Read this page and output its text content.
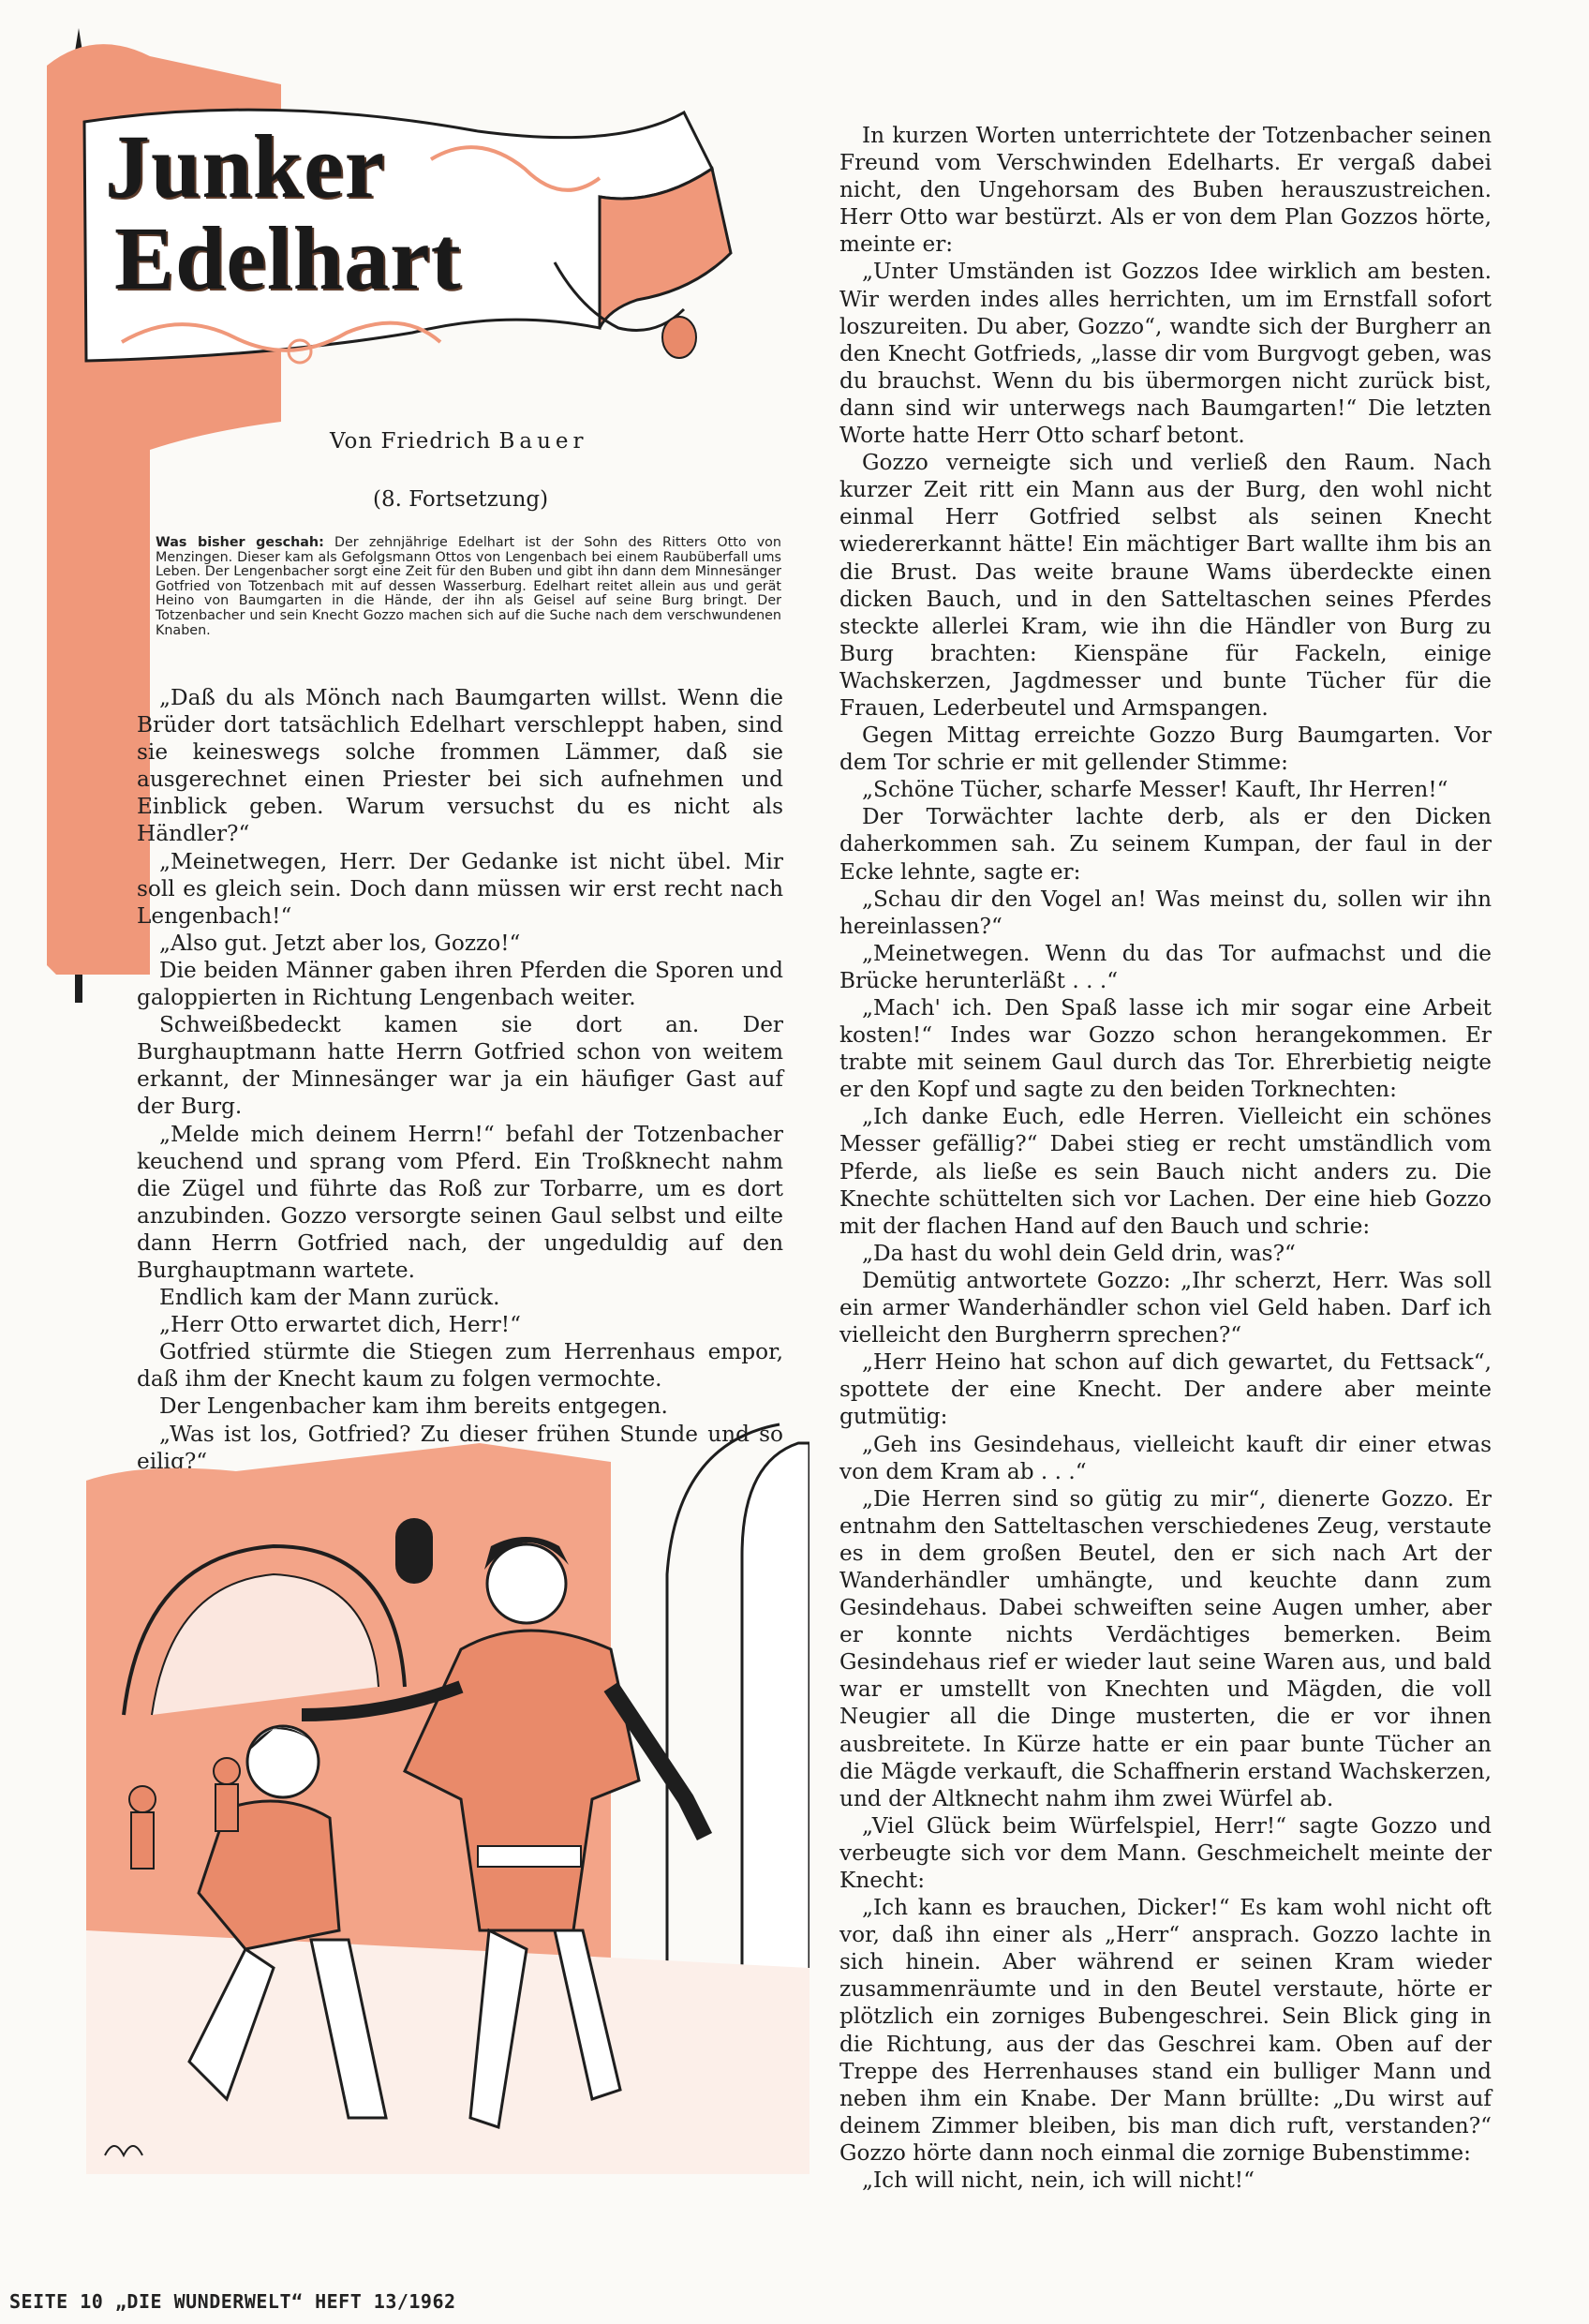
Junker
Edelhart
Von Friedrich Bauer
(8. Fortsetzung)
Was bisher geschah: Der zehnjährige Edelhart ist der Sohn des Ritters Otto von Menzingen. Dieser kam als Gefolgsmann Ottos von Lengenbach bei einem Raubüberfall ums Leben. Der Lengenbacher sorgt eine Zeit für den Buben und gibt ihn dann dem Minnesänger Gotfried von Totzenbach mit auf dessen Wasserburg. Edelhart reitet allein aus und gerät Heino von Baumgarten in die Hände, der ihn als Geisel auf seine Burg bringt. Der Totzenbacher und sein Knecht Gozzo machen sich auf die Suche nach dem verschwundenen Knaben.

„Daß du als Mönch nach Baumgarten willst. Wenn die Brüder dort tatsächlich Edelhart verschleppt haben, sind sie keineswegs solche frommen Lämmer, daß sie ausgerechnet einen Priester bei sich aufnehmen und Einblick geben. Warum versuchst du es nicht als Händler?“

„Meinetwegen, Herr. Der Gedanke ist nicht übel. Mir soll es gleich sein. Doch dann müssen wir erst recht nach Lengenbach!“

„Also gut. Jetzt aber los, Gozzo!“

Die beiden Männer gaben ihren Pferden die Sporen und galoppierten in Richtung Lengenbach weiter.

Schweißbedeckt kamen sie dort an. Der Burghauptmann hatte Herrn Gotfried schon von weitem erkannt, der Minnesänger war ja ein häufiger Gast auf der Burg.

„Melde mich deinem Herrn!“ befahl der Totzenbacher keuchend und sprang vom Pferd. Ein Troßknecht nahm die Zügel und führte das Roß zur Torbarre, um es dort anzubinden. Gozzo versorgte seinen Gaul selbst und eilte dann Herrn Gotfried nach, der ungeduldig auf den Burghauptmann wartete.

Endlich kam der Mann zurück.

„Herr Otto erwartet dich, Herr!“

Gotfried stürmte die Stiegen zum Herrenhaus empor, daß ihm der Knecht kaum zu folgen vermochte.

Der Lengenbacher kam ihm bereits entgegen.

„Was ist los, Gotfried? Zu dieser frühen Stunde und so eilig?“

In kurzen Worten unterrichtete der Totzenbacher seinen Freund vom Verschwinden Edelharts. Er vergaß dabei nicht, den Ungehorsam des Buben herauszustreichen. Herr Otto war bestürzt. Als er von dem Plan Gozzos hörte, meinte er:

„Unter Umständen ist Gozzos Idee wirklich am besten. Wir werden indes alles herrichten, um im Ernstfall sofort loszureiten. Du aber, Gozzo“, wandte sich der Burgherr an den Knecht Gotfrieds, „lasse dir vom Burgvogt geben, was du brauchst. Wenn du bis übermorgen nicht zurück bist, dann sind wir unterwegs nach Baumgarten!“ Die letzten Worte hatte Herr Otto scharf betont.

Gozzo verneigte sich und verließ den Raum. Nach kurzer Zeit ritt ein Mann aus der Burg, den wohl nicht einmal Herr Gotfried selbst als seinen Knecht wiedererkannt hätte! Ein mächtiger Bart wallte ihm bis an die Brust. Das weite braune Wams überdeckte einen dicken Bauch, und in den Satteltaschen seines Pferdes steckte allerlei Kram, wie ihn die Händler von Burg zu Burg brachten: Kienspäne für Fackeln, einige Wachskerzen, Jagdmesser und bunte Tücher für die Frauen, Lederbeutel und Armspangen.

Gegen Mittag erreichte Gozzo Burg Baumgarten. Vor dem Tor schrie er mit gellender Stimme:

„Schöne Tücher, scharfe Messer! Kauft, Ihr Herren!“

Der Torwächter lachte derb, als er den Dicken daherkommen sah. Zu seinem Kumpan, der faul in der Ecke lehnte, sagte er:

„Schau dir den Vogel an! Was meinst du, sollen wir ihn hereinlassen?“

„Meinetwegen. Wenn du das Tor aufmachst und die Brücke herunterläßt . . .“

„Mach' ich. Den Spaß lasse ich mir sogar eine Arbeit kosten!“ Indes war Gozzo schon herangekommen. Er trabte mit seinem Gaul durch das Tor. Ehrerbietig neigte er den Kopf und sagte zu den beiden Torknechten:

„Ich danke Euch, edle Herren. Vielleicht ein schönes Messer gefällig?“ Dabei stieg er recht umständlich vom Pferde, als ließe es sein Bauch nicht anders zu. Die Knechte schüttelten sich vor Lachen. Der eine hieb Gozzo mit der flachen Hand auf den Bauch und schrie:

„Da hast du wohl dein Geld drin, was?“

Demütig antwortete Gozzo: „Ihr scherzt, Herr. Was soll ein armer Wanderhändler schon viel Geld haben. Darf ich vielleicht den Burgherrn sprechen?“

„Herr Heino hat schon auf dich gewartet, du Fettsack“, spottete der eine Knecht. Der andere aber meinte gutmütig:

„Geh ins Gesindehaus, vielleicht kauft dir einer etwas von dem Kram ab . . .“

„Die Herren sind so gütig zu mir“, dienerte Gozzo. Er entnahm den Satteltaschen verschiedenes Zeug, verstaute es in dem großen Beutel, den er sich nach Art der Wanderhändler umhängte, und keuchte dann zum Gesindehaus. Dabei schweiften seine Augen umher, aber er konnte nichts Verdächtiges bemerken. Beim Gesindehaus rief er wieder laut seine Waren aus, und bald war er umstellt von Knechten und Mägden, die voll Neugier all die Dinge musterten, die er vor ihnen ausbreitete. In Kürze hatte er ein paar bunte Tücher an die Mägde verkauft, die Schaffnerin erstand Wachskerzen, und der Altknecht nahm ihm zwei Würfel ab.

„Viel Glück beim Würfelspiel, Herr!“ sagte Gozzo und verbeugte sich vor dem Mann. Geschmeichelt meinte der Knecht:

„Ich kann es brauchen, Dicker!“ Es kam wohl nicht oft vor, daß ihn einer als „Herr“ ansprach. Gozzo lachte in sich hinein. Aber während er seinen Kram wieder zusammenräumte und in den Beutel verstaute, hörte er plötzlich ein zorniges Bubengeschrei. Sein Blick ging in die Richtung, aus der das Geschrei kam. Oben auf der Treppe des Herrenhauses stand ein bulliger Mann und neben ihm ein Knabe. Der Mann brüllte: „Du wirst auf deinem Zimmer bleiben, bis man dich ruft, verstanden?“ Gozzo hörte dann noch einmal die zornige Bubenstimme:

„Ich will nicht, nein, ich will nicht!“

SEITE 10 „DIE WUNDERWELT“ HEFT 13/1962
